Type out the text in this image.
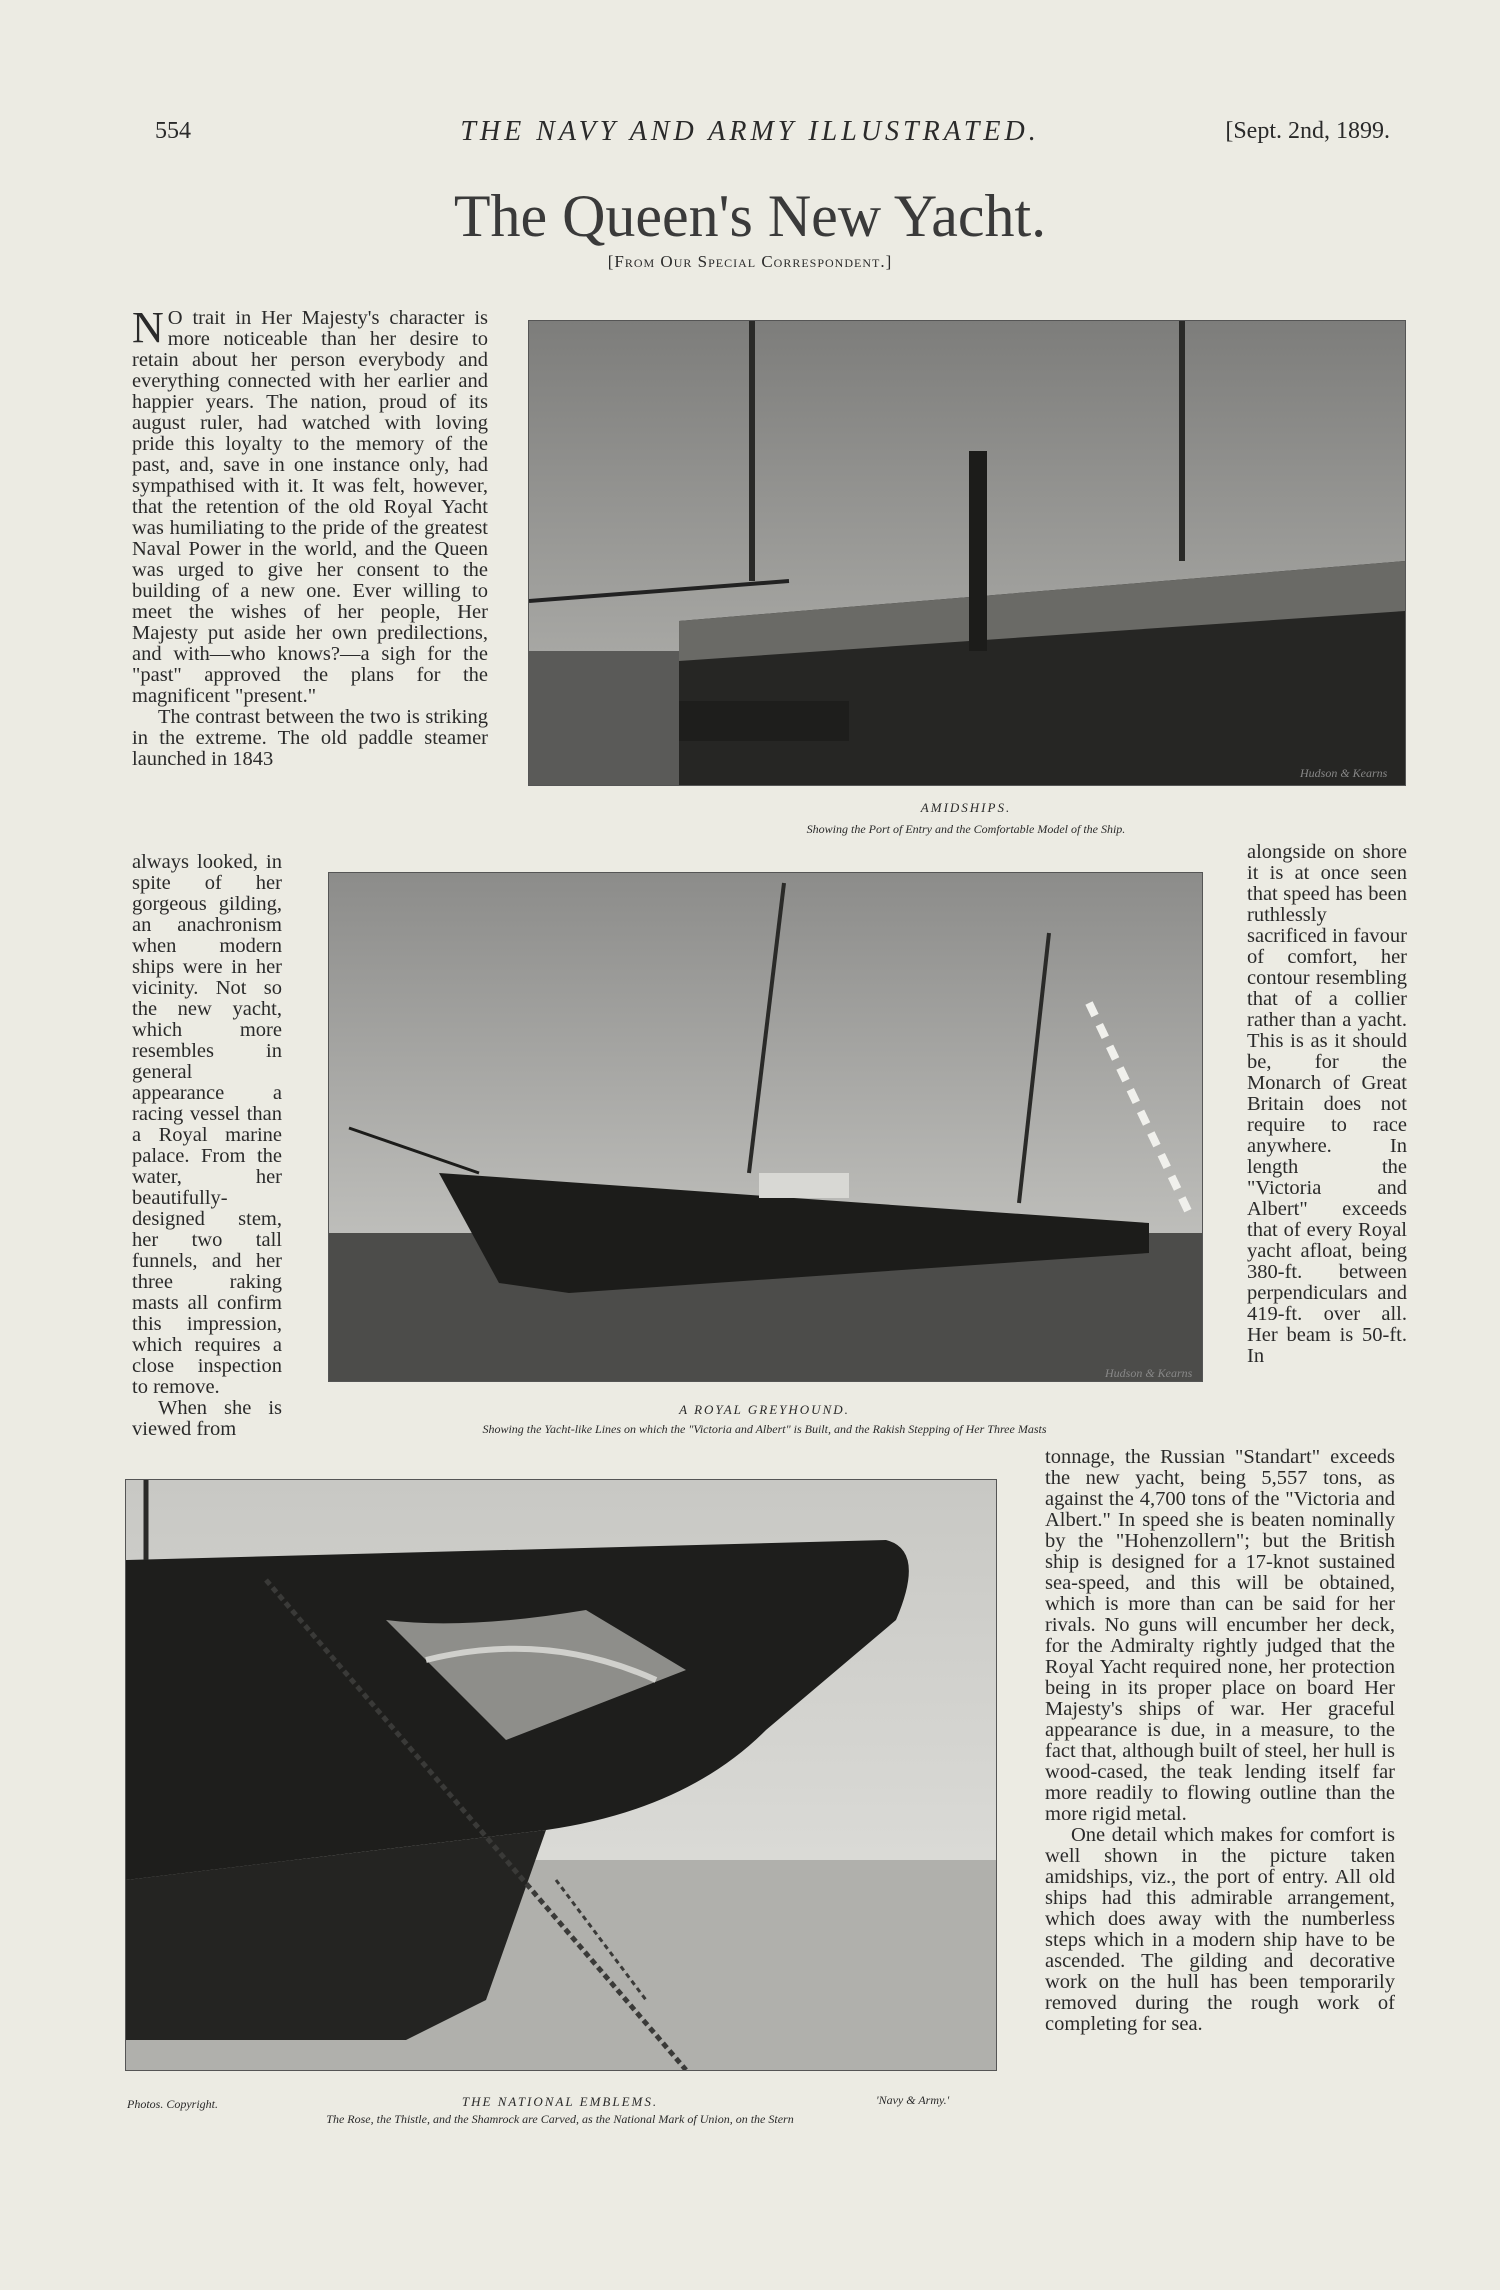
554	THE NAVY AND ARMY ILLUSTRATED.	[Sept. 2nd, 1899.
The Queen's New Yacht.
[From Our Special Correspondent.]

N O trait in Her Majesty's character is more noticeable than her desire to retain about her person everybody and everything connected with her earlier and happier years. The nation, proud of its august ruler, had watched with loving pride this loyalty to the memory of the past, and, save in one instance only, had sympathised with it. It was felt, however, that the retention of the old Royal Yacht was humiliating to the pride of the greatest Naval Power in the world, and the Queen was urged to give her consent to the building of a new one. Ever willing to meet the wishes of her people, Her Majesty put aside her own predilections, and with—who knows?—a sigh for the "past" approved the plans for the magnificent "present."

The contrast between the two is striking in the extreme. The old paddle steamer launched in 1843

always looked, in spite of her gorgeous gilding, an anachronism when modern ships were in her vicinity. Not so the new yacht, which more resembles in general appearance a racing vessel than a Royal marine palace. From the water, her beautifully-designed stem, her two tall funnels, and her three raking masts all confirm this impression, which requires a close inspection to remove.

When she is viewed from

alongside on shore it is at once seen that speed has been ruthlessly sacrificed in favour of comfort, her contour resembling that of a collier rather than a yacht. This is as it should be, for the Monarch of Great Britain does not require to race anywhere. In length the "Victoria and Albert" exceeds that of every Royal yacht afloat, being 380-ft. between perpendiculars and 419-ft. over all. Her beam is 50-ft. In

tonnage, the Russian "Standart" exceeds the new yacht, being 5,557 tons, as against the 4,700 tons of the "Victoria and Albert." In speed she is beaten nominally by the "Hohenzollern"; but the British ship is designed for a 17-knot sustained sea-speed, and this will be obtained, which is more than can be said for her rivals. No guns will encumber her deck, for the Admiralty rightly judged that the Royal Yacht required none, her protection being in its proper place on board Her Majesty's ships of war. Her graceful appearance is due, in a measure, to the fact that, although built of steel, her hull is wood-cased, the teak lending itself far more readily to flowing outline than the more rigid metal.

One detail which makes for comfort is well shown in the picture taken amidships, viz., the port of entry. All old ships had this admirable arrangement, which does away with the numberless steps which in a modern ship have to be ascended. The gilding and decorative work on the hull has been temporarily removed during the rough work of completing for sea.

AMIDSHIPS.
Showing the Port of Entry and the Comfortable Model of the Ship.
Hudson & Kearns
A ROYAL GREYHOUND.
Showing the Yacht-like Lines on which the "Victoria and Albert" is Built, and the Rakish Stepping of Her Three Masts
Hudson & Kearns
Photos. Copyright.	THE NATIONAL EMBLEMS.	'Navy & Army.'
The Rose, the Thistle, and the Shamrock are Carved, as the National Mark of Union, on the Stern
